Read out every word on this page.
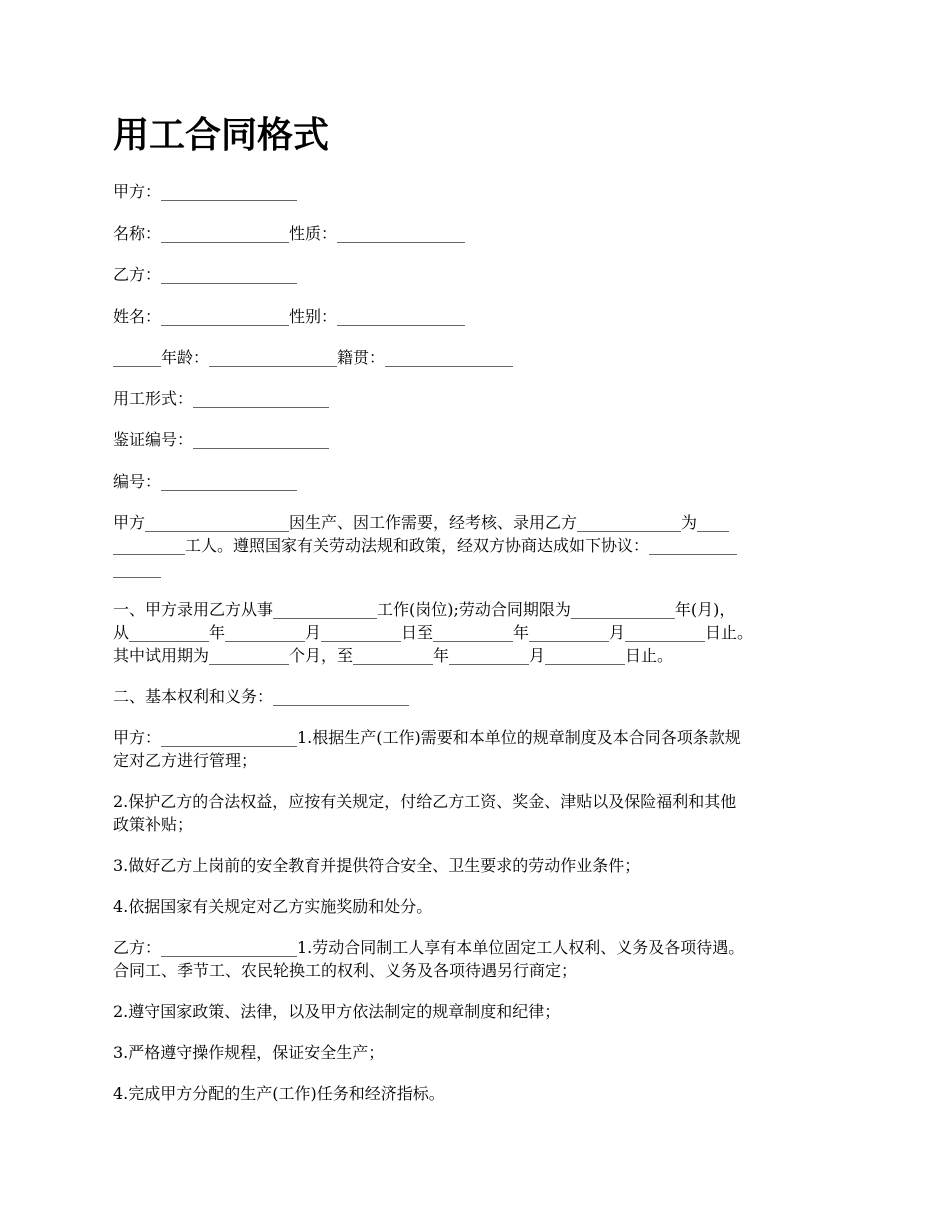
用工合同格式

甲方：_________________

名称：________________性质：________________

乙方：_________________

姓名：________________性别：________________

______年龄：________________籍贯：________________

用工形式：_________________

鉴证编号：_________________

编号：_________________

甲方__________________因生产、因工作需要，经考核、录用乙方_____________为____

_________工人。遵照国家有关劳动法规和政策，经双方协商达成如下协议：___________

______

一、甲方录用乙方从事_____________工作(岗位);劳动合同期限为_____________年(月)，

从__________年__________月__________日至__________年__________月__________日止。

其中试用期为__________个月，至__________年__________月__________日止。

二、基本权利和义务：_________________

甲方：_________________1.根据生产(工作)需要和本单位的规章制度及本合同各项条款规

定对乙方进行管理；

2.保护乙方的合法权益，应按有关规定，付给乙方工资、奖金、津贴以及保险福利和其他

政策补贴；

3.做好乙方上岗前的安全教育并提供符合安全、卫生要求的劳动作业条件；

4.依据国家有关规定对乙方实施奖励和处分。

乙方：_________________1.劳动合同制工人享有本单位固定工人权利、义务及各项待遇。

合同工、季节工、农民轮换工的权利、义务及各项待遇另行商定；

2.遵守国家政策、法律，以及甲方依法制定的规章制度和纪律；

3.严格遵守操作规程，保证安全生产；

4.完成甲方分配的生产(工作)任务和经济指标。
